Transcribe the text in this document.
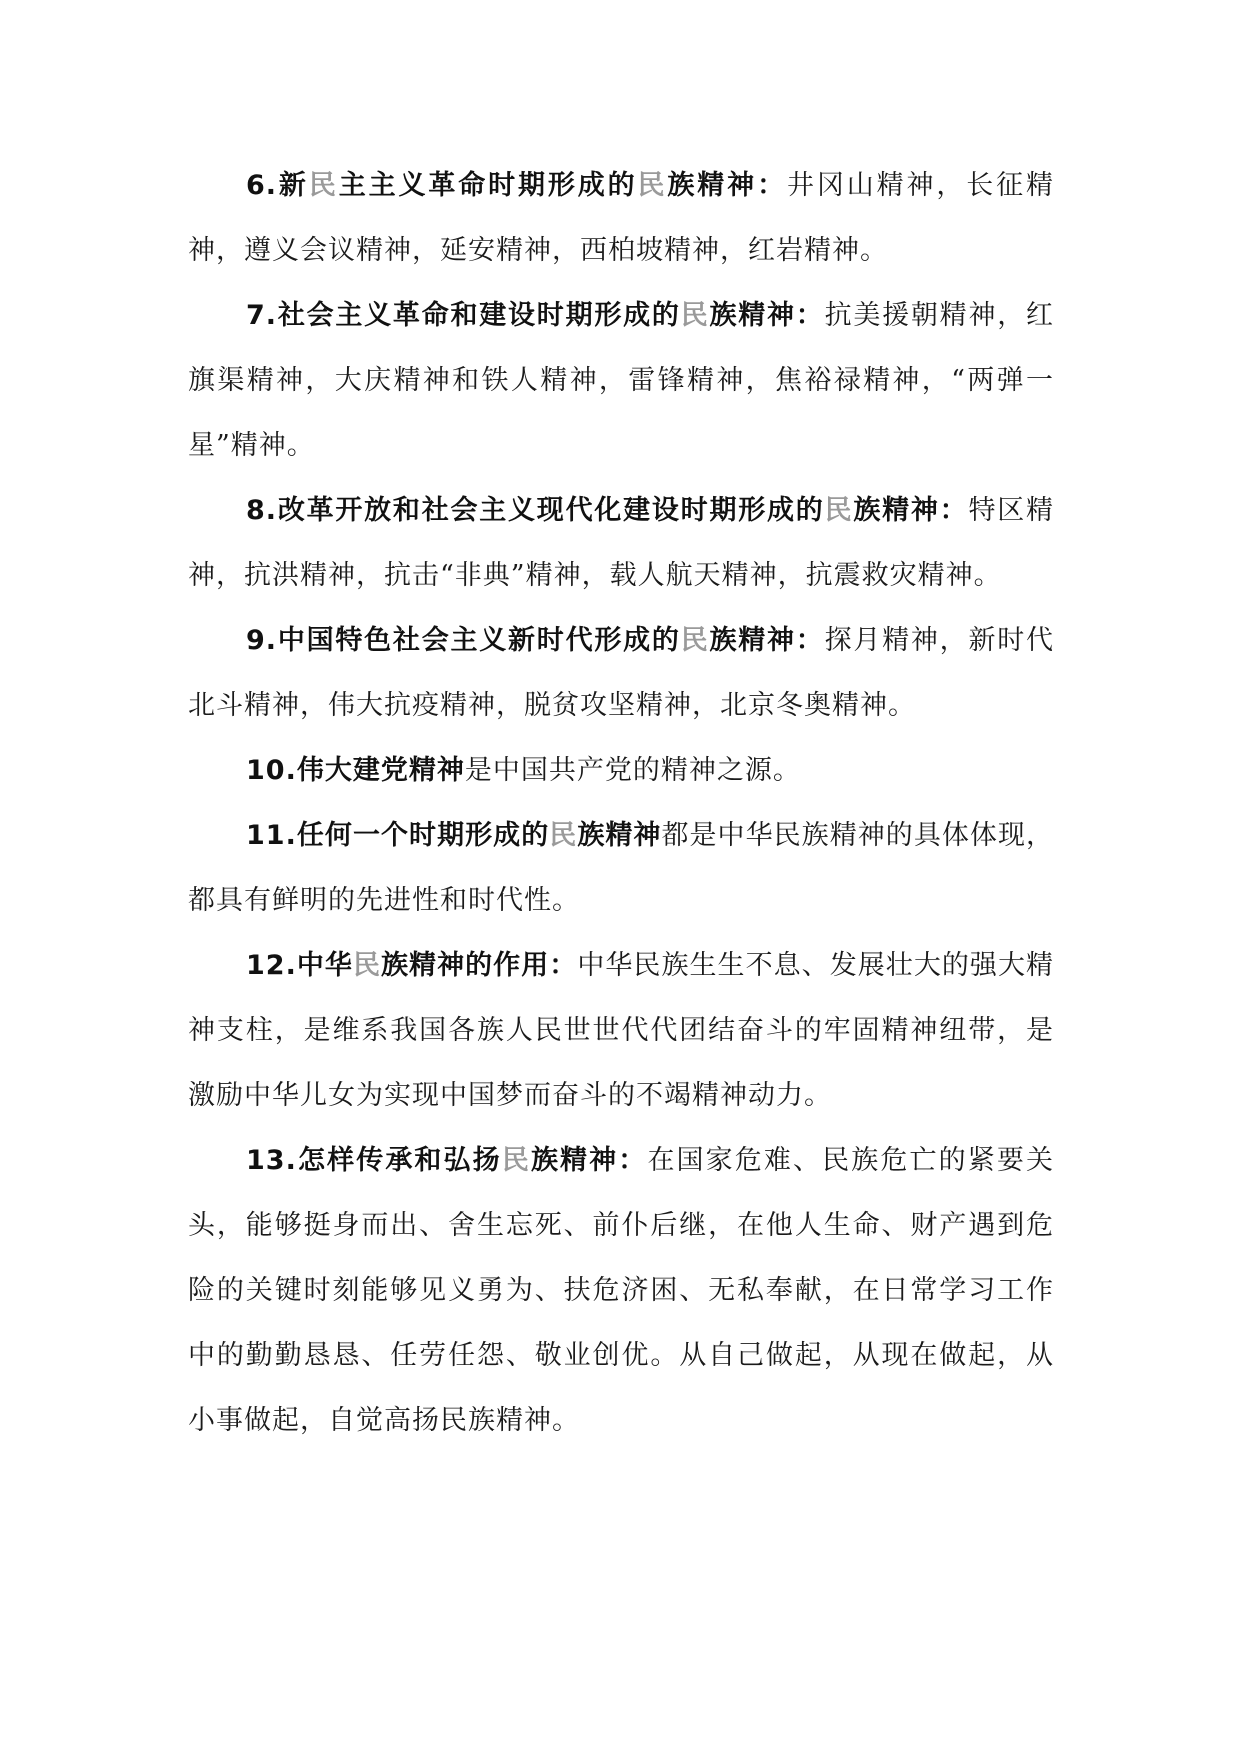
6.新民主主义革命时期形成的民族精神：井冈山精神，长征精神，遵义会议精神，延安精神，西柏坡精神，红岩精神。

7.社会主义革命和建设时期形成的民族精神：抗美援朝精神，红旗渠精神，大庆精神和铁人精神，雷锋精神，焦裕禄精神，“两弹一星”精神。

8.改革开放和社会主义现代化建设时期形成的民族精神：特区精神，抗洪精神，抗击“非典”精神，载人航天精神，抗震救灾精神。

9.中国特色社会主义新时代形成的民族精神：探月精神，新时代北斗精神，伟大抗疫精神，脱贫攻坚精神，北京冬奥精神。

10.伟大建党精神是中国共产党的精神之源。

11.任何一个时期形成的民族精神都是中华民族精神的具体体现，都具有鲜明的先进性和时代性。

12.中华民族精神的作用：中华民族生生不息、发展壮大的强大精神支柱，是维系我国各族人民世世代代团结奋斗的牢固精神纽带，是激励中华儿女为实现中国梦而奋斗的不竭精神动力。

13.怎样传承和弘扬民族精神：在国家危难、民族危亡的紧要关头，能够挺身而出、舍生忘死、前仆后继，在他人生命、财产遇到危险的关键时刻能够见义勇为、扶危济困、无私奉献，在日常学习工作中的勤勤恳恳、任劳任怨、敬业创优。从自己做起，从现在做起，从小事做起，自觉高扬民族精神。
